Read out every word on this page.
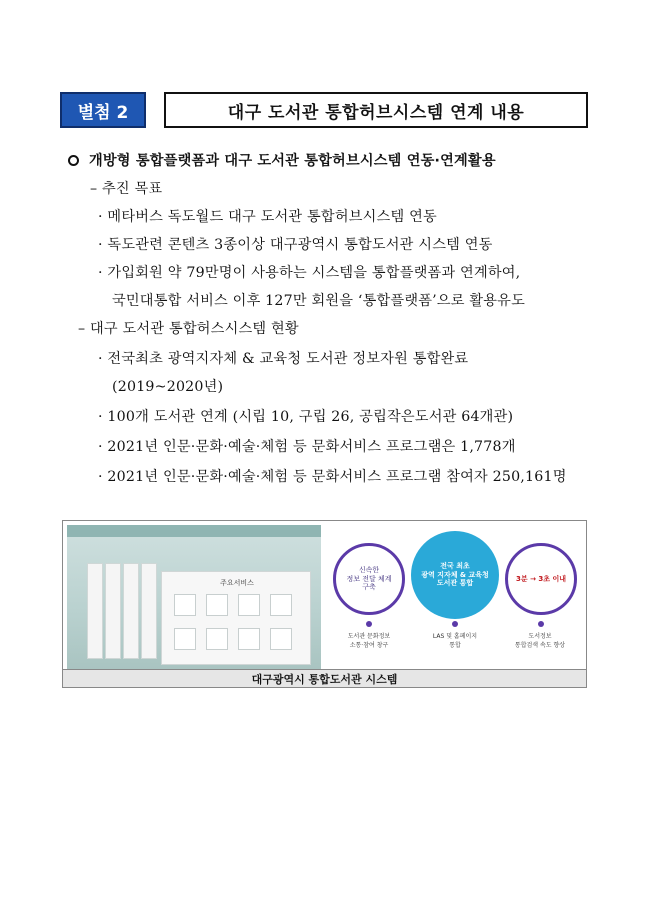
별첨 2	대구 도서관 통합허브시스템 연계 내용
개방형 통합플랫폼과 대구 도서관 통합허브시스템 연동·연계활용
– 추진 목표
· 메타버스 독도월드 대구 도서관 통합허브시스템 연동
· 독도관련 콘텐츠 3종이상 대구광역시 통합도서관 시스템 연동
· 가입회원 약 79만명이 사용하는 시스템을 통합플랫폼과 연계하여,
국민대통합 서비스 이후 127만 회원을 ‘통합플랫폼’으로 활용유도
– 대구 도서관 통합허스시스템 현황
· 전국최초 광역지자체 & 교육청 도서관 정보자원 통합완료
(2019~2020년)
· 100개 도서관 연계 (시립 10, 구립 26, 공립작은도서관 64개관)
· 2021년 인문·문화·예술·체험 등 문화서비스 프로그램은 1,778개
· 2021년 인문·문화·예술·체험 등 문화서비스 프로그램 참여자 250,161명
주요서비스
신속한
정보 전달 체계
구축
전국 최초
광역 지자체 & 교육청
도서관 통합
3분 → 3초 이내
도서관 문화정보
소통·참여 창구
LAS 및 홈페이지
통합
도서정보
통합검색 속도 향상
대구광역시 통합도서관 시스템
